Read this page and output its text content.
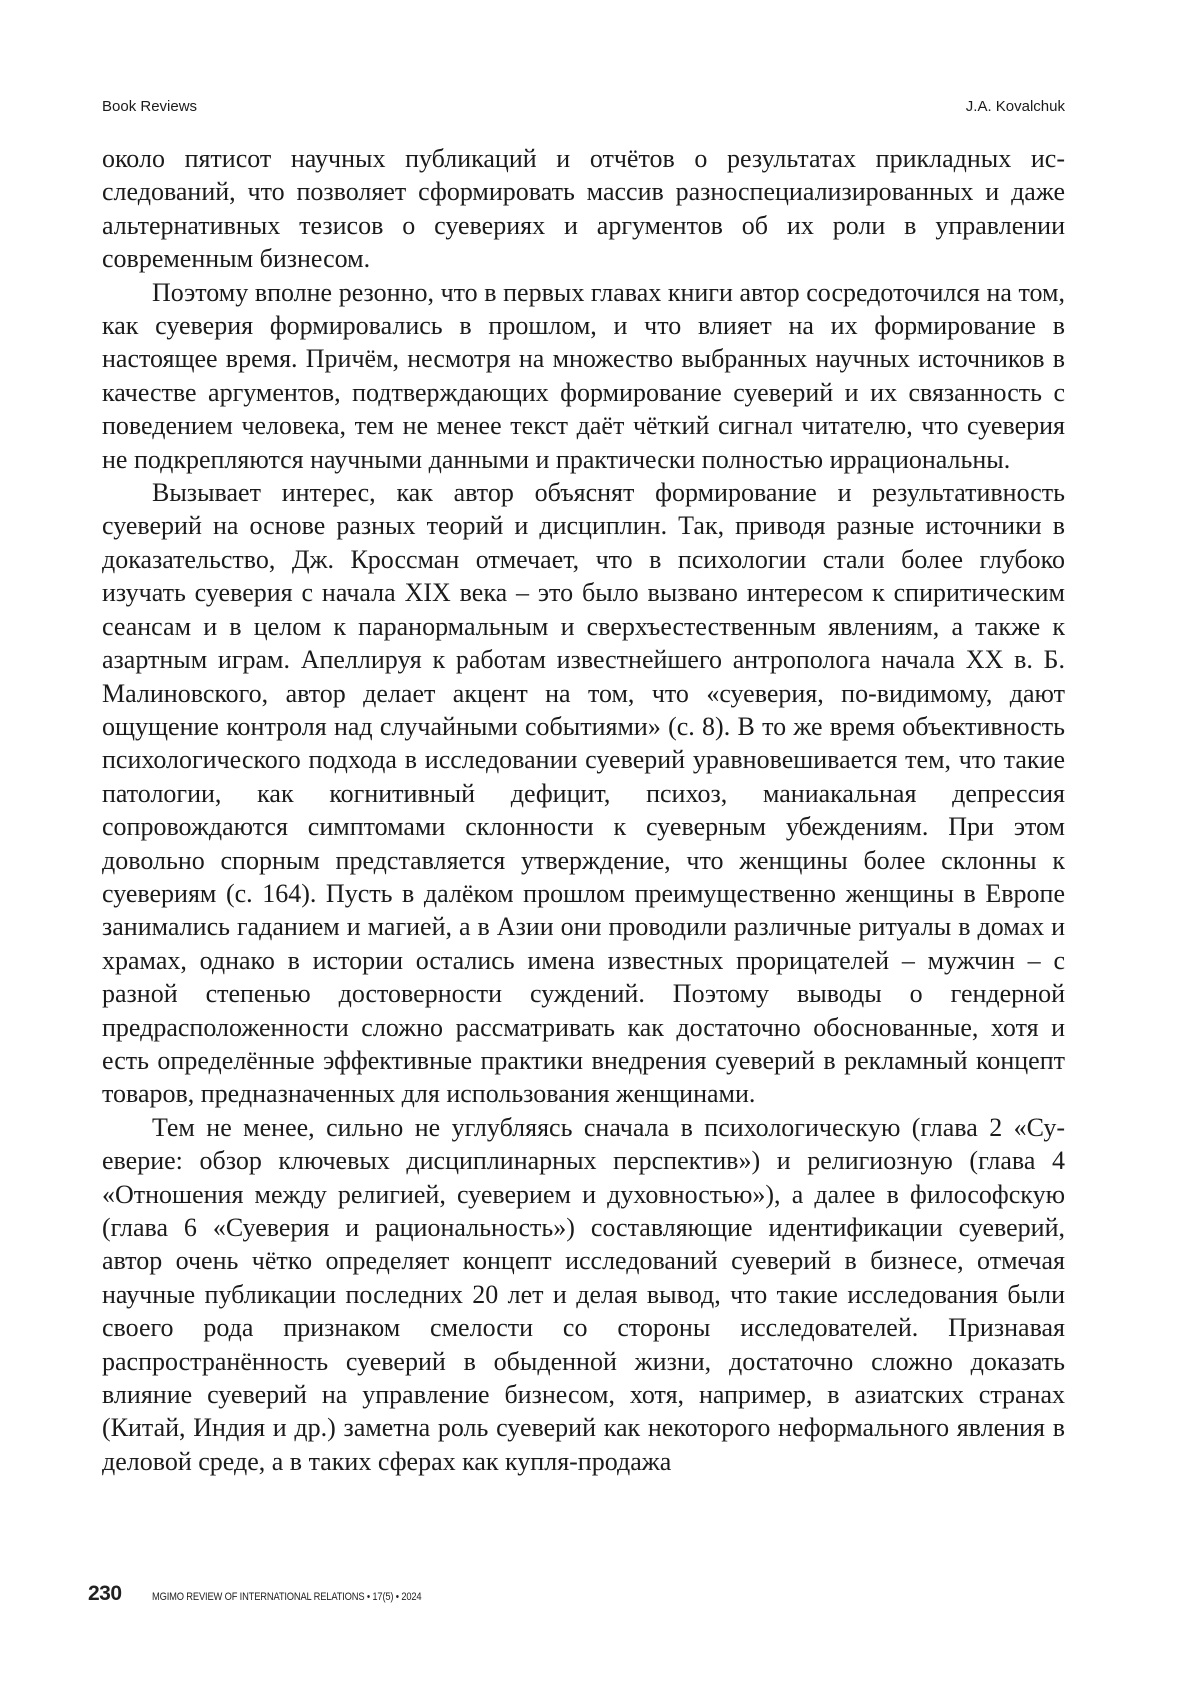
Book Reviews	J.A. Kovalchuk

около пятисот научных публикаций и отчётов о результатах прикладных исследований, что позволяет сформировать массив разноспециализированных и даже альтернативных тезисов о суевериях и аргументов об их роли в управлении современным бизнесом.

Поэтому вполне резонно, что в первых главах книги автор сосредоточился на том, как суеверия формировались в прошлом, и что влияет на их формирование в настоящее время. Причём, несмотря на множество выбранных научных источников в качестве аргументов, подтверждающих формирование суеверий и их связанность с поведением человека, тем не менее текст даёт чёткий сигнал читателю, что суеверия не подкрепляются научными данными и практически полностью иррациональны.

Вызывает интерес, как автор объяснят формирование и результативность суеверий на основе разных теорий и дисциплин. Так, приводя разные источники в доказательство, Дж. Кроссман отмечает, что в психологии стали более глубоко изучать суеверия с начала XIX века – это было вызвано интересом к спиритическим сеансам и в целом к паранормальным и сверхъестественным явлениям, а также к азартным играм. Апеллируя к работам известнейшего антрополога начала XX в. Б. Малиновского, автор делает акцент на том, что «суеверия, по-видимому, дают ощущение контроля над случайными событиями» (с. 8). В то же время объективность психологического подхода в исследовании суеверий уравновешивается тем, что такие патологии, как когнитивный дефицит, психоз, маниакальная депрессия сопровождаются симптомами склонности к суеверным убеждениям. При этом довольно спорным представляется утверждение, что женщины более склонны к суевериям (с. 164). Пусть в далёком прошлом преимущественно женщины в Европе занимались гаданием и магией, а в Азии они проводили различные ритуалы в домах и храмах, однако в истории остались имена известных прорицателей – мужчин – с разной степенью достоверности суждений. Поэтому выводы о гендерной предрасположенности сложно рассматривать как достаточно обоснованные, хотя и есть определённые эффективные практики внедрения суеверий в рекламный концепт товаров, предназначенных для использования женщинами.

Тем не менее, сильно не углубляясь сначала в психологическую (глава 2 «Суеверие: обзор ключевых дисциплинарных перспектив») и религиозную (глава 4 «Отношения между религией, суеверием и духовностью»), а далее в философскую (глава 6 «Суеверия и рациональность») составляющие идентификации суеверий, автор очень чётко определяет концепт исследований суеверий в бизнесе, отмечая научные публикации последних 20 лет и делая вывод, что такие исследования были своего рода признаком смелости со стороны исследователей. Признавая распространённость суеверий в обыденной жизни, достаточно сложно доказать влияние суеверий на управление бизнесом, хотя, например, в азиатских странах (Китай, Индия и др.) заметна роль суеверий как некоторого неформального явления в деловой среде, а в таких сферах как купля-продажа

230	MGIMO REVIEW OF INTERNATIONAL RELATIONS • 17(5) • 2024
